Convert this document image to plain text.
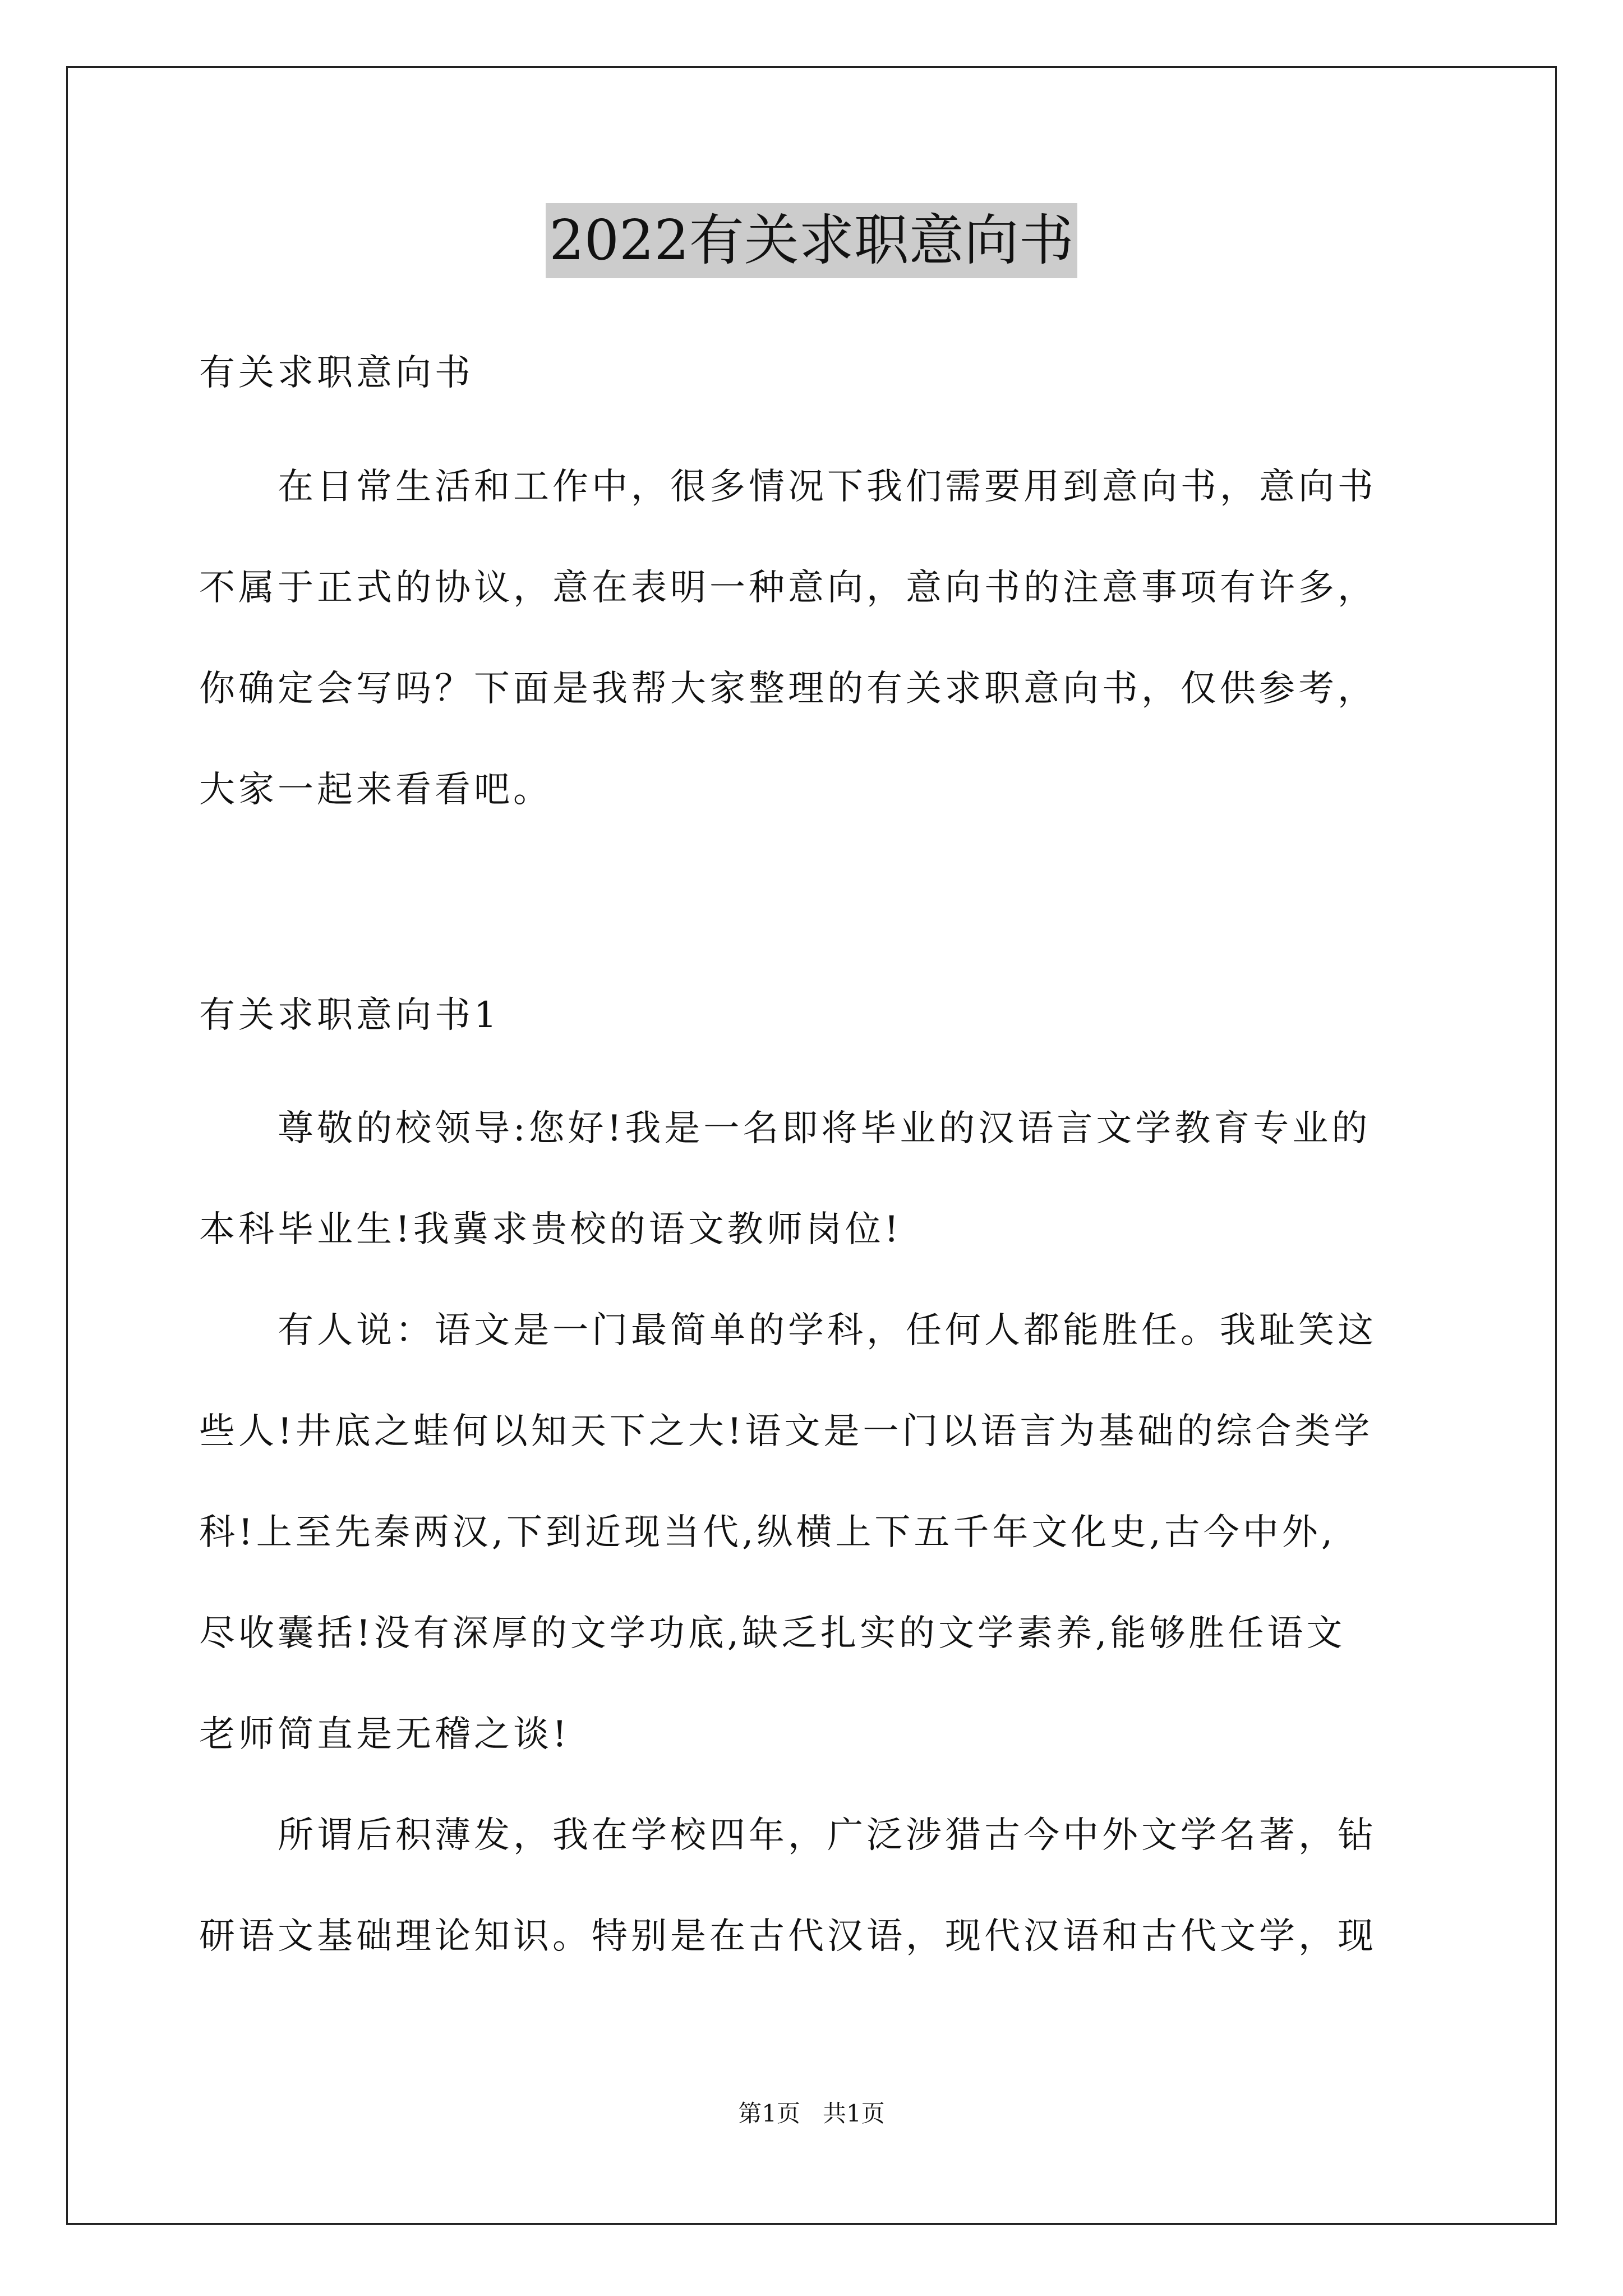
2022有关求职意向书
有关求职意向书
　　在日常生活和工作中，很多情况下我们需要用到意向书，意向书
不属于正式的协议，意在表明一种意向，意向书的注意事项有许多，
你确定会写吗？下面是我帮大家整理的有关求职意向书，仅供参考，
大家一起来看看吧。
有关求职意向书1
　　尊敬的校领导:您好!我是一名即将毕业的汉语言文学教育专业的
本科毕业生!我冀求贵校的语文教师岗位!
　　有人说：语文是一门最简单的学科，任何人都能胜任。我耻笑这
些人!井底之蛙何以知天下之大!语文是一门以语言为基础的综合类学
科!上至先秦两汉,下到近现当代,纵横上下五千年文化史,古今中外,
尽收囊括!没有深厚的文学功底,缺乏扎实的文学素养,能够胜任语文
老师简直是无稽之谈!
　　所谓后积薄发，我在学校四年，广泛涉猎古今中外文学名著，钻
研语文基础理论知识。特别是在古代汉语，现代汉语和古代文学，现
第1页   共1页
